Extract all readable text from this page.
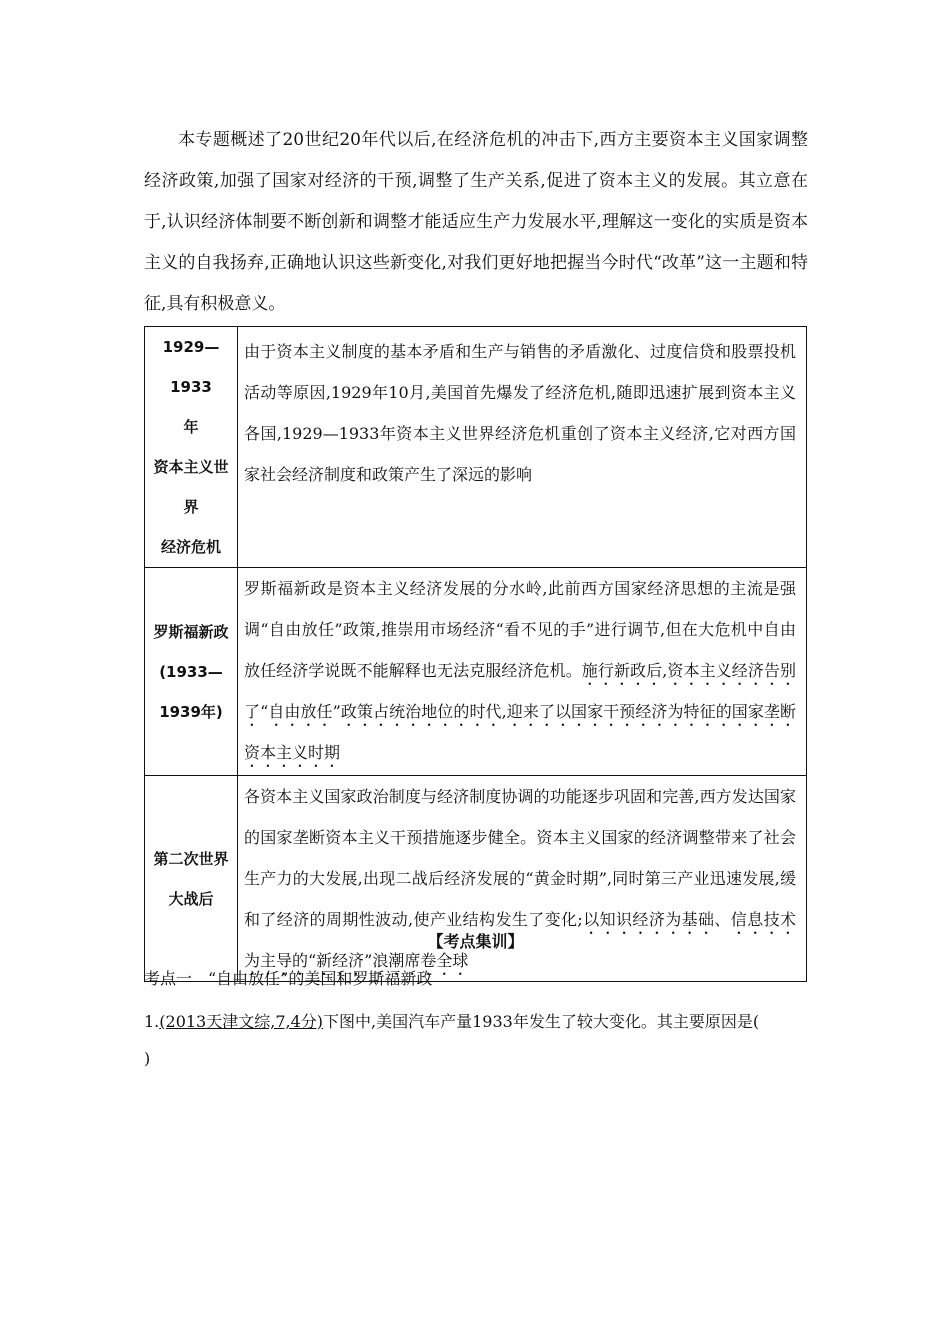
本专题概述了20世纪20年代以后,在经济危机的冲击下,西方主要资本主义国家调整经济政策,加强了国家对经济的干预,调整了生产关系,促进了资本主义的发展。其立意在于,认识经济体制要不断创新和调整才能适应生产力发展水平,理解这一变化的实质是资本主义的自我扬弃,正确地认识这些新变化,对我们更好地把握当今时代“改革”这一主题和特征,具有积极意义。

1929—1933
年
资本主义世
界
经济危机	由于资本主义制度的基本矛盾和生产与销售的矛盾激化、过度信贷和股票投机活动等原因,1929年10月,美国首先爆发了经济危机,随即迅速扩展到资本主义各国,1929—1933年资本主义世界经济危机重创了资本主义经济,它对西方国家社会经济制度和政策产生了深远的影响

罗斯福新政
(1933—
1939年)	罗斯福新政是资本主义经济发展的分水岭,此前西方国家经济思想的主流是强调“自由放任”政策,推崇用市场经济“看不见的手”进行调节,但在大危机中自由放任经济学说既不能解释也无法克服经济危机。施行新政后,资本主义经济告别了“自由放任”政策占统治地位的时代,迎来了以国家干预经济为特征的国家垄断资本主义时期

第二次世界
大战后	各资本主义国家政治制度与经济制度协调的功能逐步巩固和完善,西方发达国家的国家垄断资本主义干预措施逐步健全。资本主义国家的经济调整带来了社会生产力的大发展,出现二战后经济发展的“黄金时期”,同时第三产业迅速发展,缓和了经济的周期性波动,使产业结构发生了变化;以知识经济为基础、信息技术为主导的“新经济”浪潮席卷全球

【考点集训】

考点一　“自由放任”的美国和罗斯福新政

1.(2013天津文综,7,4分)下图中,美国汽车产量1933年发生了较大变化。其主要原因是(
)
